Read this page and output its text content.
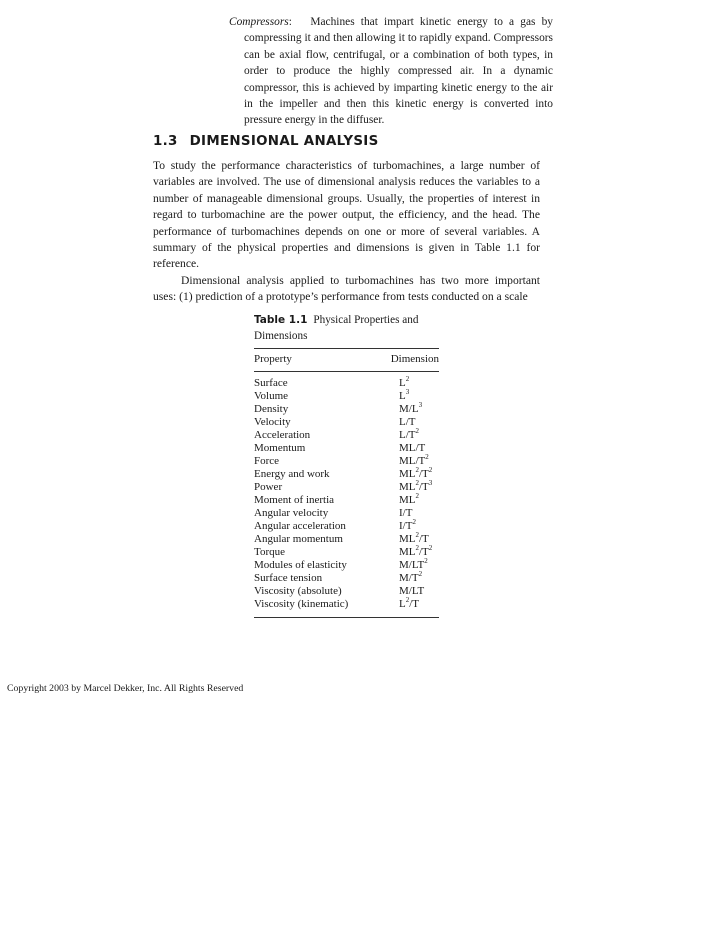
Compressors:   Machines that impart kinetic energy to a gas by compressing it and then allowing it to rapidly expand. Compressors can be axial flow, centrifugal, or a combination of both types, in order to produce the highly compressed air. In a dynamic compressor, this is achieved by imparting kinetic energy to the air in the impeller and then this kinetic energy is converted into pressure energy in the diffuser.
1.3 DIMENSIONAL ANALYSIS

To study the performance characteristics of turbomachines, a large number of variables are involved. The use of dimensional analysis reduces the variables to a number of manageable dimensional groups. Usually, the properties of interest in regard to turbomachine are the power output, the efficiency, and the head. The performance of turbomachines depends on one or more of several variables. A summary of the physical properties and dimensions is given in Table 1.1 for reference.

Dimensional analysis applied to turbomachines has two more important uses: (1) prediction of a prototype’s performance from tests conducted on a scale

Table 1.1 Physical Properties and Dimensions
Property	Dimension
Surface	$L^2$
Volume	$L^3$
Density	$M/L^3$
Velocity	L/T
Acceleration	$L/T^2$
Momentum	ML/T
Force	$ML/T^2$
Energy and work	$ML^2/T^2$
Power	$ML^2/T^3$
Moment of inertia	$ML^2$
Angular velocity	I/T
Angular acceleration	$I/T^2$
Angular momentum	$ML^2/T$
Torque	$ML^2/T^2$
Modules of elasticity	$M/LT^2$
Surface tension	$M/T^2$
Viscosity (absolute)	M/LT
Viscosity (kinematic)	$L^2/T$
Copyright 2003 by Marcel Dekker, Inc. All Rights Reserved
